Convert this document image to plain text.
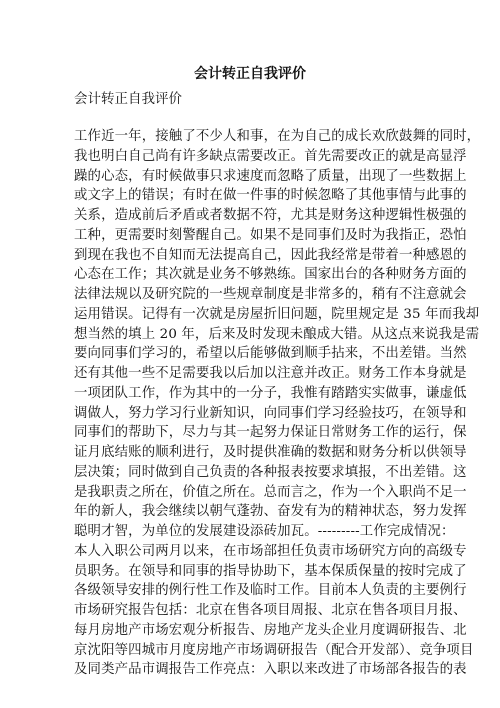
会计转正自我评价
会计转正自我评价
工作近一年，接触了不少人和事，在为自己的成长欢欣鼓舞的同时，
我也明白自己尚有许多缺点需要改正。首先需要改正的就是高显浮
躁的心态，有时候做事只求速度而忽略了质量，出现了一些数据上
或文字上的错误；有时在做一件事的时候忽略了其他事情与此事的
关系，造成前后矛盾或者数据不符，尤其是财务这种逻辑性极强的
工种，更需要时刻警醒自己。如果不是同事们及时为我指正，恐怕
到现在我也不自知而无法提高自己，因此我经常是带着一种感恩的
心态在工作；其次就是业务不够熟练。国家出台的各种财务方面的
法律法规以及研究院的一些规章制度是非常多的，稍有不注意就会
运用错误。记得有一次就是房屋折旧问题，院里规定是 35 年而我却
想当然的填上 20 年，后来及时发现未酿成大错。从这点来说我是需
要向同事们学习的，希望以后能够做到顺手拈来，不出差错。当然
还有其他一些不足需要我以后加以注意并改正。财务工作本身就是
一项团队工作，作为其中的一分子，我惟有踏踏实实做事，谦虚低
调做人，努力学习行业新知识，向同事们学习经验技巧，在领导和
同事们的帮助下，尽力与其一起努力保证日常财务工作的运行，保
证月底结账的顺利进行，及时提供准确的数据和财务分析以供领导
层决策；同时做到自己负责的各种报表按要求填报，不出差错。这
是我职责之所在，价值之所在。总而言之，作为一个入职尚不足一
年的新人，我会继续以朝气蓬勃、奋发有为的精神状态，努力发挥
聪明才智，为单位的发展建设添砖加瓦。---------工作完成情况：
本人入职公司两月以来，在市场部担任负责市场研究方向的高级专
员职务。在领导和同事的指导协助下，基本保质保量的按时完成了
各级领导安排的例行性工作及临时工作。目前本人负责的主要例行
市场研究报告包括：北京在售各项目周报、北京在售各项目月报、
每月房地产市场宏观分析报告、房地产龙头企业月度调研报告、北
京沈阳等四城市月度房地产市场调研报告（配合开发部）、竞争项目
及同类产品市调报告工作亮点：入职以来改进了市场部各报告的表
